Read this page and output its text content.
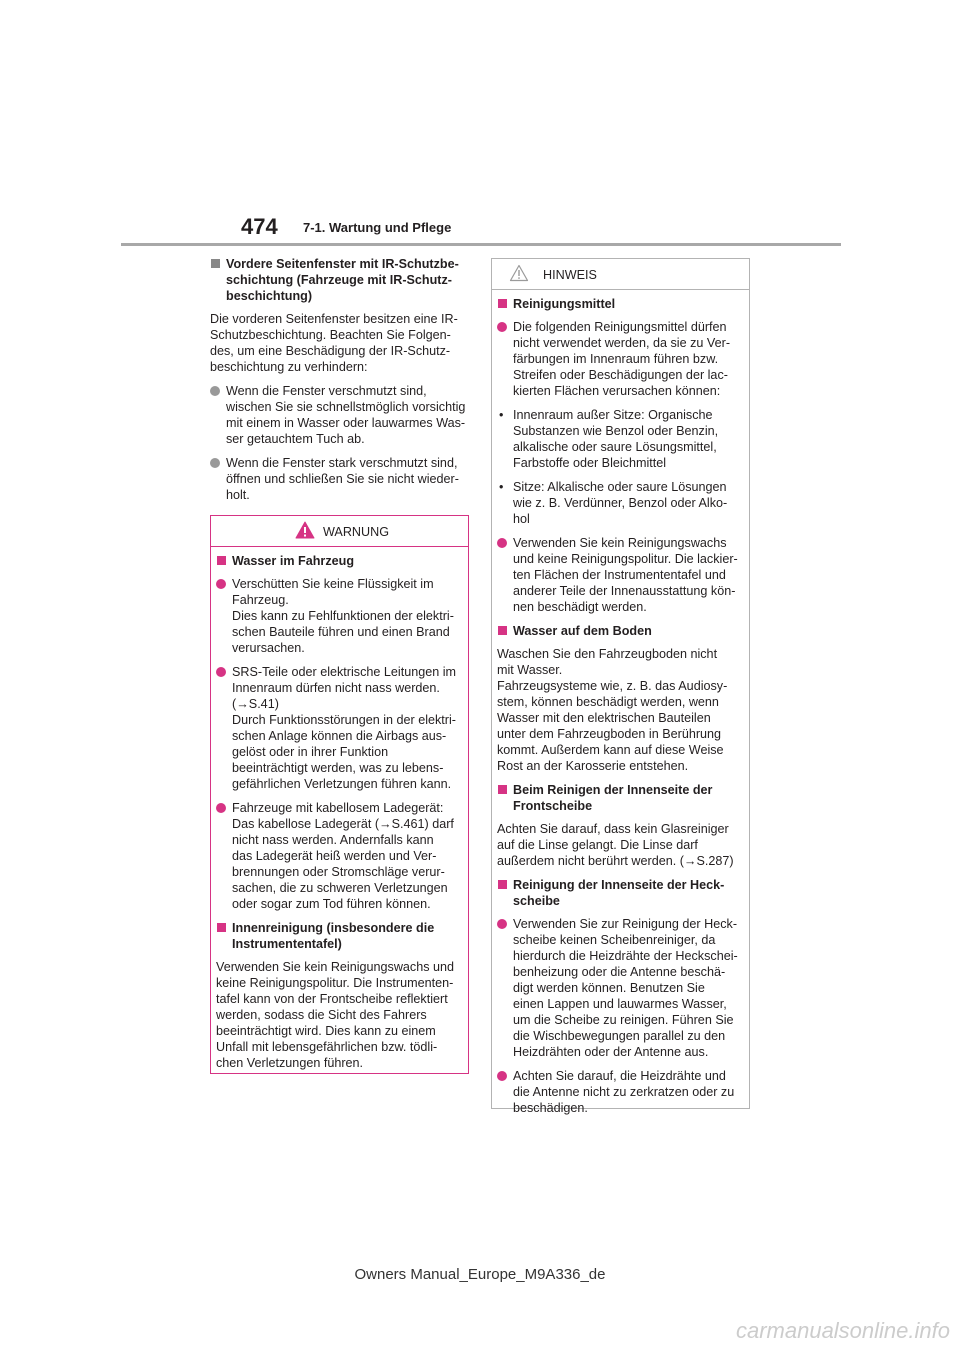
474 7-1. Wartung und Pflege
Vordere Seitenfenster mit IR-Schutzbe-
schichtung (Fahrzeuge mit IR-Schutz-
beschichtung)
Die vorderen Seitenfenster besitzen eine IR-
Schutzbeschichtung. Beachten Sie Folgen-
des, um eine Beschädigung der IR-Schutz-
beschichtung zu verhindern:
Wenn die Fenster verschmutzt sind,
wischen Sie sie schnellstmöglich vorsichtig
mit einem in Wasser oder lauwarmes Was-
ser getauchtem Tuch ab.
Wenn die Fenster stark verschmutzt sind,
öffnen und schließen Sie sie nicht wieder-
holt.
WARNUNG
Wasser im Fahrzeug
Verschütten Sie keine Flüssigkeit im
Fahrzeug.
Dies kann zu Fehlfunktionen der elektri-
schen Bauteile führen und einen Brand
verursachen.
SRS-Teile oder elektrische Leitungen im
Innenraum dürfen nicht nass werden.
(→S.41)
Durch Funktionsstörungen in der elektri-
schen Anlage können die Airbags aus-
gelöst oder in ihrer Funktion
beeinträchtigt werden, was zu lebens-
gefährlichen Verletzungen führen kann.
Fahrzeuge mit kabellosem Ladegerät:
Das kabellose Ladegerät (→S.461) darf
nicht nass werden. Andernfalls kann
das Ladegerät heiß werden und Ver-
brennungen oder Stromschläge verur-
sachen, die zu schweren Verletzungen
oder sogar zum Tod führen können.
Innenreinigung (insbesondere die
Instrumententafel)
Verwenden Sie kein Reinigungswachs und
keine Reinigungspolitur. Die Instrumenten-
tafel kann von der Frontscheibe reflektiert
werden, sodass die Sicht des Fahrers
beeinträchtigt wird. Dies kann zu einem
Unfall mit lebensgefährlichen bzw. tödli-
chen Verletzungen führen.
HINWEIS
Reinigungsmittel
Die folgenden Reinigungsmittel dürfen
nicht verwendet werden, da sie zu Ver-
färbungen im Innenraum führen bzw.
Streifen oder Beschädigungen der lac-
kierten Flächen verursachen können:
• Innenraum außer Sitze: Organische
Substanzen wie Benzol oder Benzin,
alkalische oder saure Lösungsmittel,
Farbstoffe oder Bleichmittel
• Sitze: Alkalische oder saure Lösungen
wie z. B. Verdünner, Benzol oder Alko-
hol
Verwenden Sie kein Reinigungswachs
und keine Reinigungspolitur. Die lackier-
ten Flächen der Instrumententafel und
anderer Teile der Innenausstattung kön-
nen beschädigt werden.
Wasser auf dem Boden
Waschen Sie den Fahrzeugboden nicht
mit Wasser.
Fahrzeugsysteme wie, z. B. das Audiosy-
stem, können beschädigt werden, wenn
Wasser mit den elektrischen Bauteilen
unter dem Fahrzeugboden in Berührung
kommt. Außerdem kann auf diese Weise
Rost an der Karosserie entstehen.
Beim Reinigen der Innenseite der
Frontscheibe
Achten Sie darauf, dass kein Glasreiniger
auf die Linse gelangt. Die Linse darf
außerdem nicht berührt werden. (→S.287)
Reinigung der Innenseite der Heck-
scheibe
Verwenden Sie zur Reinigung der Heck-
scheibe keinen Scheibenreiniger, da
hierdurch die Heizdrähte der Heckschei-
benheizung oder die Antenne beschä-
digt werden können. Benutzen Sie
einen Lappen und lauwarmes Wasser,
um die Scheibe zu reinigen. Führen Sie
die Wischbewegungen parallel zu den
Heizdrähten oder der Antenne aus.
Achten Sie darauf, die Heizdrähte und
die Antenne nicht zu zerkratzen oder zu
beschädigen.
Owners Manual_Europe_M9A336_de
carmanualsonline.info
